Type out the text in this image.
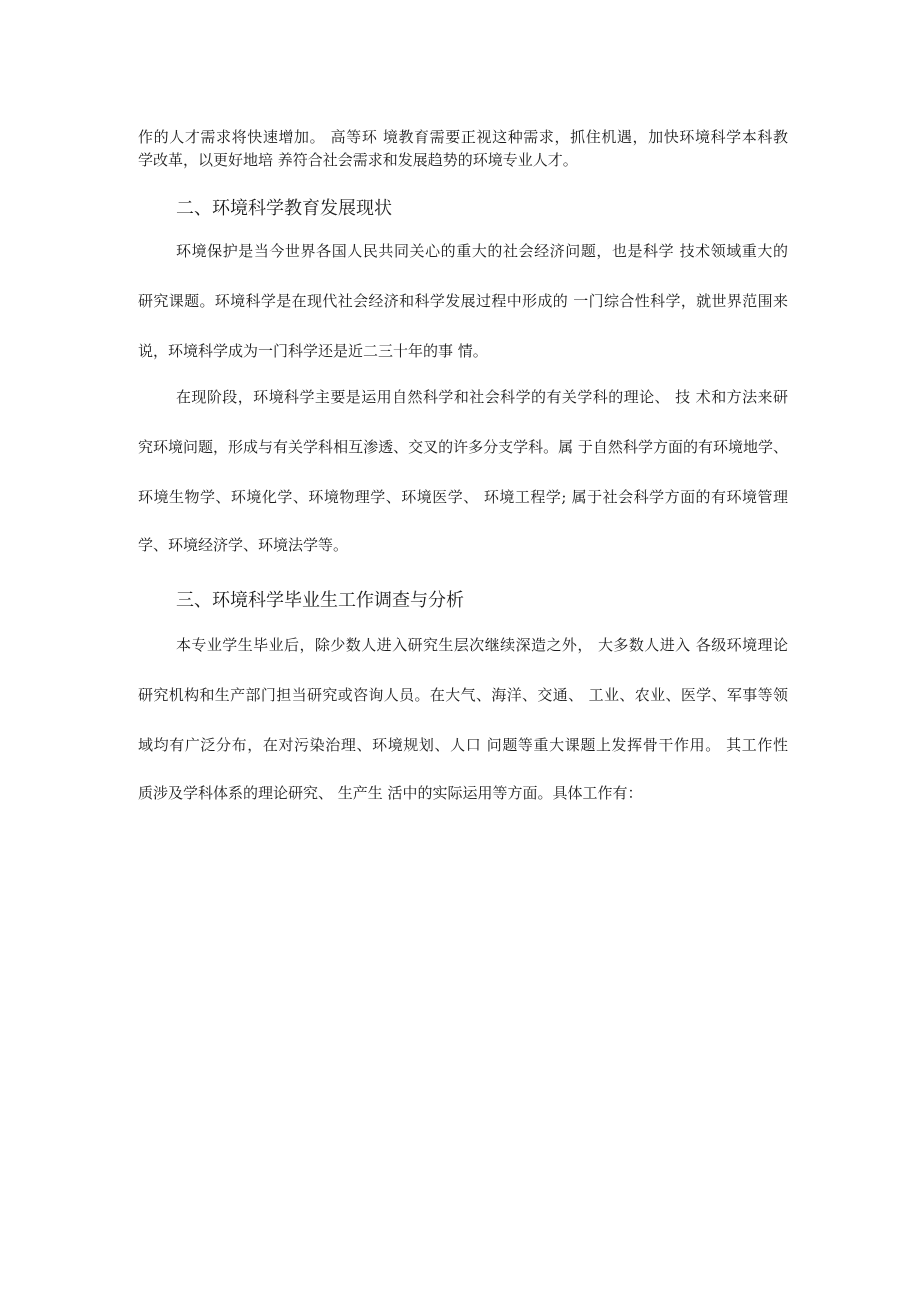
作的人才需求将快速增加。 高等环 境教育需要正视这种需求，抓住机遇，加快环境科学本科教
学改革，以更好地培 养符合社会需求和发展趋势的环境专业人才。
二、环境科学教育发展现状
环境保护是当今世界各国人民共同关心的重大的社会经济问题，也是科学 技术领域重大的
研究课题。环境科学是在现代社会经济和科学发展过程中形成的 一门综合性科学，就世界范围来
说，环境科学成为一门科学还是近二三十年的事 情。
在现阶段，环境科学主要是运用自然科学和社会科学的有关学科的理论、 技 术和方法来研
究环境问题，形成与有关学科相互渗透、交叉的许多分支学科。属 于自然科学方面的有环境地学、
环境生物学、环境化学、环境物理学、环境医学、 环境工程学; 属于社会科学方面的有环境管理
学、环境经济学、环境法学等。
三、环境科学毕业生工作调查与分析
本专业学生毕业后，除少数人进入研究生层次继续深造之外， 大多数人进入 各级环境理论
研究机构和生产部门担当研究或咨询人员。在大气、海洋、交通、 工业、农业、医学、军事等领
域均有广泛分布，在对污染治理、环境规划、人口 问题等重大课题上发挥骨干作用。 其工作性
质涉及学科体系的理论研究、 生产生 活中的实际运用等方面。具体工作有：
